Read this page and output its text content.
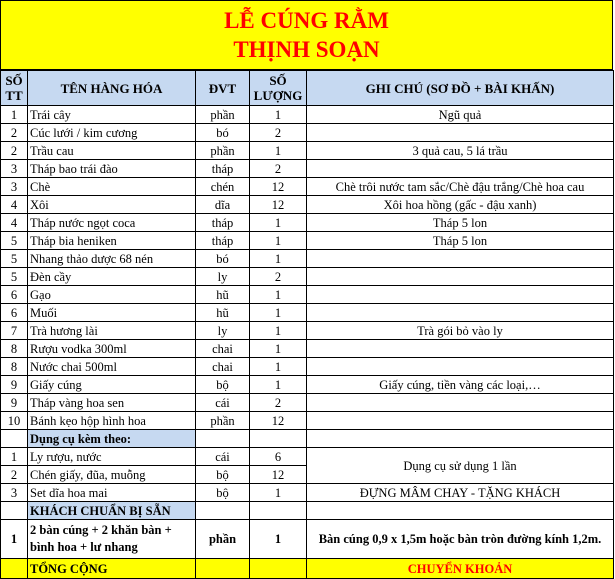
LỄ CÚNG RẰM
THỊNH SOẠN
SỐ TT	TÊN HÀNG HÓA	ĐVT	SỐ LƯỢNG	GHI CHÚ (SƠ ĐỒ + BÀI KHẤN)
1	Trái cây	phần	1	Ngũ quả
2	Cúc lưới / kim cương	bó	2	
2	Trầu cau	phần	1	3 quả cau, 5 lá trầu
3	Tháp bao trái đào	tháp	2	
3	Chè	chén	12	Chè trôi nước tam sắc/Chè đậu trắng/Chè hoa cau
4	Xôi	dĩa	12	Xôi hoa hồng (gấc - đậu xanh)
4	Tháp nước ngọt coca	tháp	1	Tháp 5 lon
5	Tháp bia heniken	tháp	1	Tháp 5 lon
5	Nhang thảo dược 68 nén	bó	1	
5	Đèn cầy	ly	2	
6	Gạo	hũ	1	
6	Muối	hũ	1	
7	Trà hương lài	ly	1	Trà gói bỏ vào ly
8	Rượu vodka 300ml	chai	1	
8	Nước chai 500ml	chai	1	
9	Giấy cúng	bộ	1	Giấy cúng, tiền vàng các loại,…
9	Tháp vàng hoa sen	cái	2	
10	Bánh kẹo hộp hình hoa	phần	12	
	Dụng cụ kèm theo:			
1	Ly rượu, nước	cái	6	Dụng cụ sử dụng 1 lần
2	Chén giấy, đũa, muỗng	bộ	12	
3	Set dĩa hoa mai	bộ	1	ĐỰNG MÂM CHAY - TẶNG KHÁCH
	KHÁCH CHUẨN BỊ SẴN			
1	2 bàn cúng + 2 khăn bàn + bình hoa + lư nhang	phần	1	Bàn cúng 0,9 x 1,5m hoặc bàn tròn đường kính 1,2m.
	TỔNG CỘNG			CHUYỂN KHOẢN
